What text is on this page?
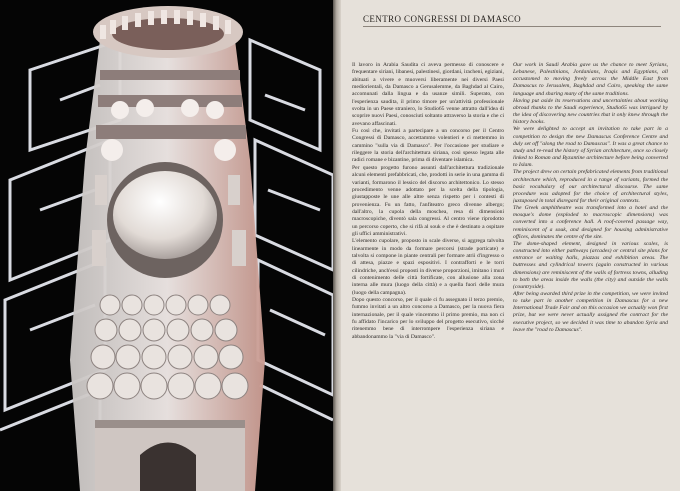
CENTRO CONGRESSI DI DAMASCO

Il lavoro in Arabia Saudita ci aveva permesso di conoscere e frequentare siriani, libanesi, palestinesi, giordani, iracheni, egiziani, abituati a vivere e muoversi liberamente nei diversi Paesi mediorientali, da Damasco a Gerusalemme, da Baghdad al Cairo, accomunati dalla lingua e da usanze simili. Superato, con l'esperienza saudita, il primo timore per un'attività professionale svolta in un Paese straniero, lo Studio65 venne attratto dall'idea di scoprire nuovi Paesi, conosciuti soltanto attraverso la storia e che ci avevano affascinati.

Fu così che, invitati a partecipare a un concorso per il Centro Congressi di Damasco, accettammo volentieri e ci mettemmo in cammino "sulla via di Damasco". Per l'occasione per studiare e rileggere la storia dell'architettura siriana, così spesso legata alle radici romane e bizantine, prima di diventare islamica.

Per questo progetto furono assunti dall'architettura tradizionale alcuni elementi prefabbricati, che, prodotti in serie in una gamma di varianti, formarono il lessico del discorso architettonico. Lo stesso procedimento venne adottato per la scelta della tipologia, giustapposte le une alle altre senza rispetto per i contesti di provenienza. Fu un fatto, l'anfiteatro greco divenne albergo; dall'altro, la cupola della moschea, resa di dimensioni macroscopiche, diventò sala congressi. Al centro viene riprodotto un percorso coperto, che si rifà al souk e che è destinato a ospitare gli uffici amministrativi.

L'elemento cupolare, proposto in scale diverse, si aggrega talvolta linearmente in modo da formare percorsi (strade porticate) e talvolta si compone in piante centrali per formare atrii d'ingresso o di attesa, piazze e spazi espositivi. I contrafforti e le torri cilindriche, anch'essi proposti in diverse proporzioni, imitano i muri di contenimento delle città fortificate, con allusione alla zona interna alle mura (luogo della città) e a quella fuori delle mura (luogo della campagna).

Dopo questo concorso, per il quale ci fu assegnato il terzo premio, fummo invitati a un altro concorso a Damasco, per la nuova fiera internazionale, per il quale vincemmo il primo premio, ma non ci fu affidato l'incarico per lo sviluppo del progetto esecutivo, sicché ritenemmo bene di interrompere l'esperienza siriana e abbandonammo la "via di Damasco".

Our work in Saudi Arabia gave us the chance to meet Syrians, Lebanese, Palestinians, Jordanians, Iraqis and Egyptians, all accustomed to moving freely across the Middle East from Damascus to Jerusalem, Baghdad and Cairo, speaking the same language and sharing many of the same traditions.

Having put aside its reservations and uncertainties about working abroad thanks to the Saudi experience, Studio65 was intrigued by the idea of discovering new countries that it only knew through the history books.

We were delighted to accept an invitation to take part in a competition to design the new Damascus Conference Centre and duly set off "along the road to Damascus". It was a great chance to study and re-read the history of Syrian architecture, once so closely linked to Roman and Byzantine architecture before being converted to Islam.

The project drew on certain prefabricated elements from traditional architecture which, reproduced in a range of variants, formed the basic vocabulary of our architectural discourse. The same procedure was adopted for the choice of architectural styles, juxtaposed in total disregard for their original contexts.

The Greek amphitheatre was transformed into a hotel and the mosque's dome (exploded to macroscopic dimensions) was converted into a conference hall. A roof-covered passage way, reminiscent of a souk, and designed for housing administrative offices, dominates the centre of the site.

The dome-shaped element, designed in various scales, is constructed into either pathways (arcades) or central site plans for entrance or waiting halls, piazzas and exhibition areas. The buttresses and cylindrical towers (again constructed in various dimensions) are reminiscent of the walls of fortress towns, alluding to both the areas inside the walls (the city) and outside the walls (countryside).

After being awarded third prize in the competition, we were invited to take part in another competition in Damascus for a new International Trade Fair and on this occasion we actually won first prize, but we were never actually assigned the contract for the executive project, so we decided it was time to abandon Syria and leave the "road to Damascus".
